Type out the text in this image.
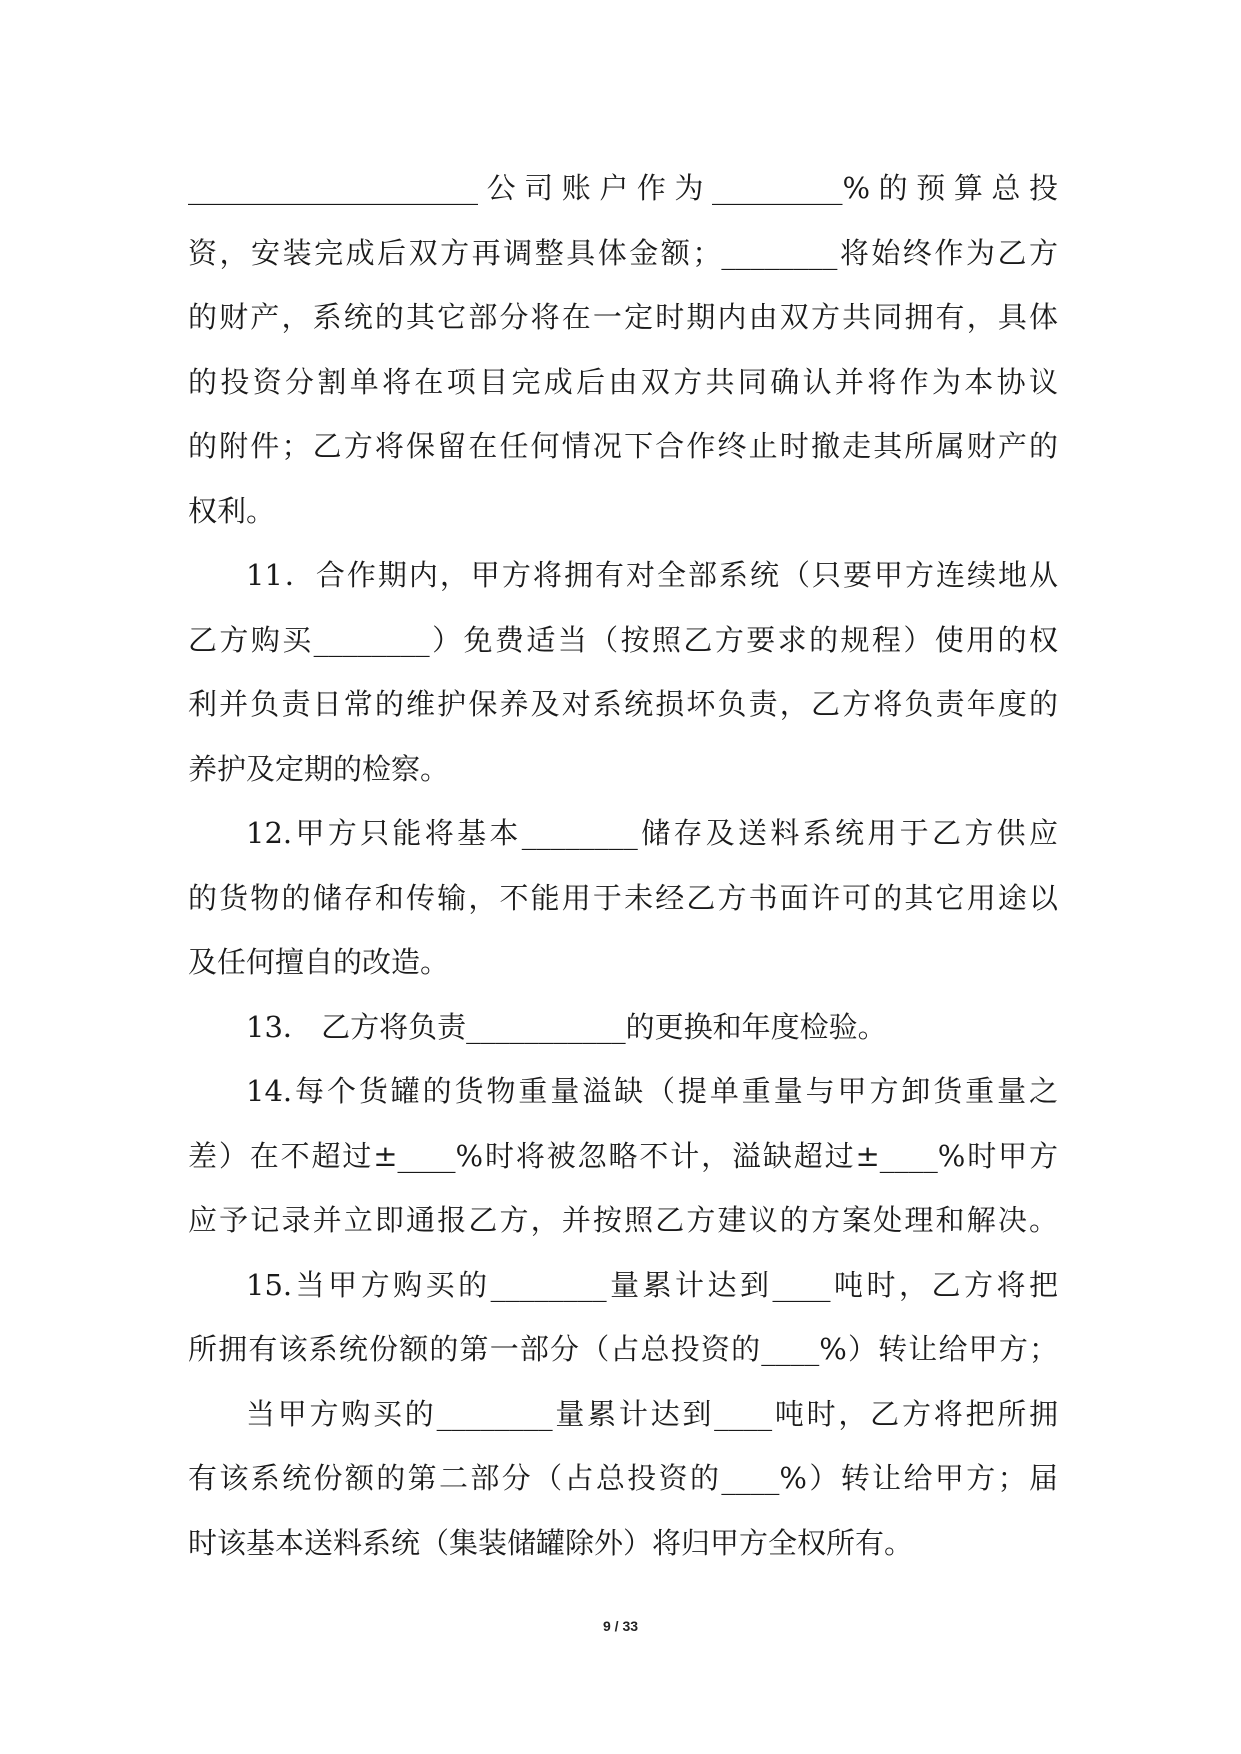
____________________公司账户作为_________%的预算总投
资，安装完成后双方再调整具体金额；________将始终作为乙方
的财产，系统的其它部分将在一定时期内由双方共同拥有，具体
的投资分割单将在项目完成后由双方共同确认并将作为本协议
的附件；乙方将保留在任何情况下合作终止时撤走其所属财产的
权利。
11．合作期内，甲方将拥有对全部系统（只要甲方连续地从
乙方购买________）免费适当（按照乙方要求的规程）使用的权
利并负责日常的维护保养及对系统损坏负责，乙方将负责年度的
养护及定期的检察。
12.甲方只能将基本________储存及送料系统用于乙方供应
的货物的储存和传输，不能用于未经乙方书面许可的其它用途以
及任何擅自的改造。
13． 乙方将负责___________的更换和年度检验。
14.每个货罐的货物重量溢缺（提单重量与甲方卸货重量之
差）在不超过±____%时将被忽略不计，溢缺超过±____%时甲方
应予记录并立即通报乙方，并按照乙方建议的方案处理和解决。
15.当甲方购买的________量累计达到____吨时，乙方将把
所拥有该系统份额的第一部分（占总投资的____%）转让给甲方；
当甲方购买的________量累计达到____吨时，乙方将把所拥
有该系统份额的第二部分（占总投资的____%）转让给甲方；届
时该基本送料系统（集装储罐除外）将归甲方全权所有。
9 / 33
